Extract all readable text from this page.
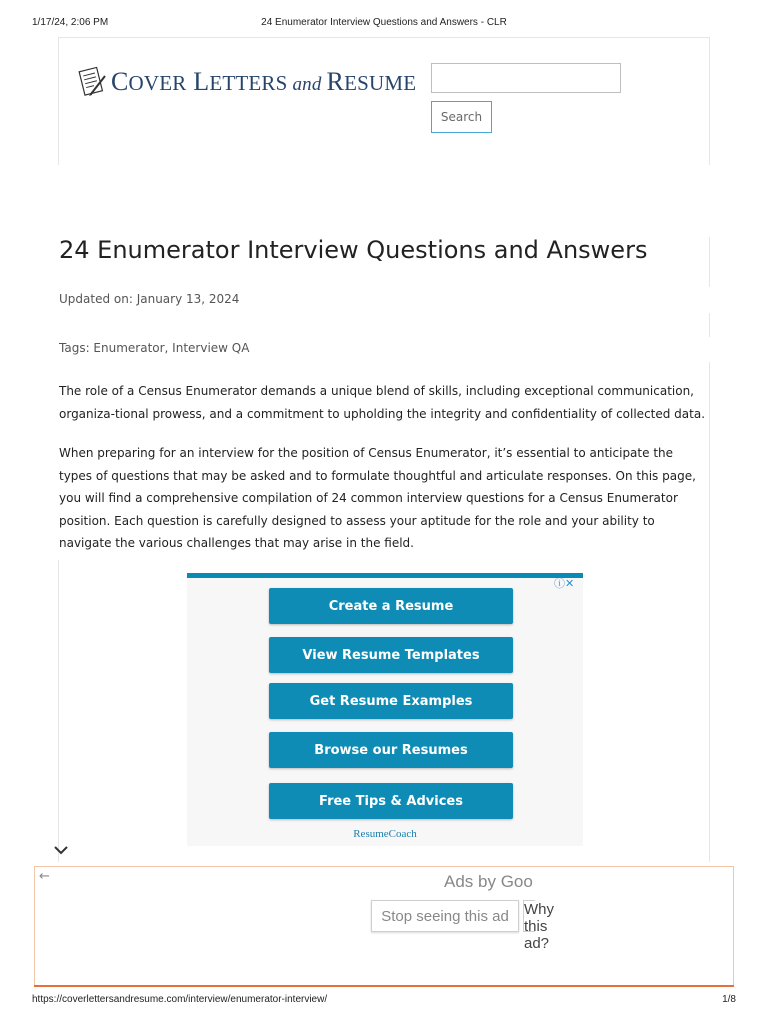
1/17/24, 2:06 PM	24 Enumerator Interview Questions and Answers - CLR
COVER LETTERS and RESUME
Search
24 Enumerator Interview Questions and Answers
Updated on: January 13, 2024
Tags: Enumerator, Interview QA

The role of a Census Enumerator demands a unique blend of skills, including exceptional communication, organiza-tional prowess, and a commitment to upholding the integrity and confidentiality of collected data.

When preparing for an interview for the position of Census Enumerator, it’s essential to anticipate the types of questions that may be asked and to formulate thoughtful and articulate responses. On this page, you will find a comprehensive compilation of 24 common interview questions for a Census Enumerator position. Each question is carefully designed to assess your aptitude for the role and your ability to navigate the various challenges that may arise in the field.

ⓘ✕
Create a Resume
View Resume Templates
Get Resume Examples
Browse our Resumes
Free Tips & Advices
ResumeCoach
←	Ads by Goo
Stop seeing this ad	Why this ad?
https://coverlettersandresume.com/interview/enumerator-interview/	1/8
